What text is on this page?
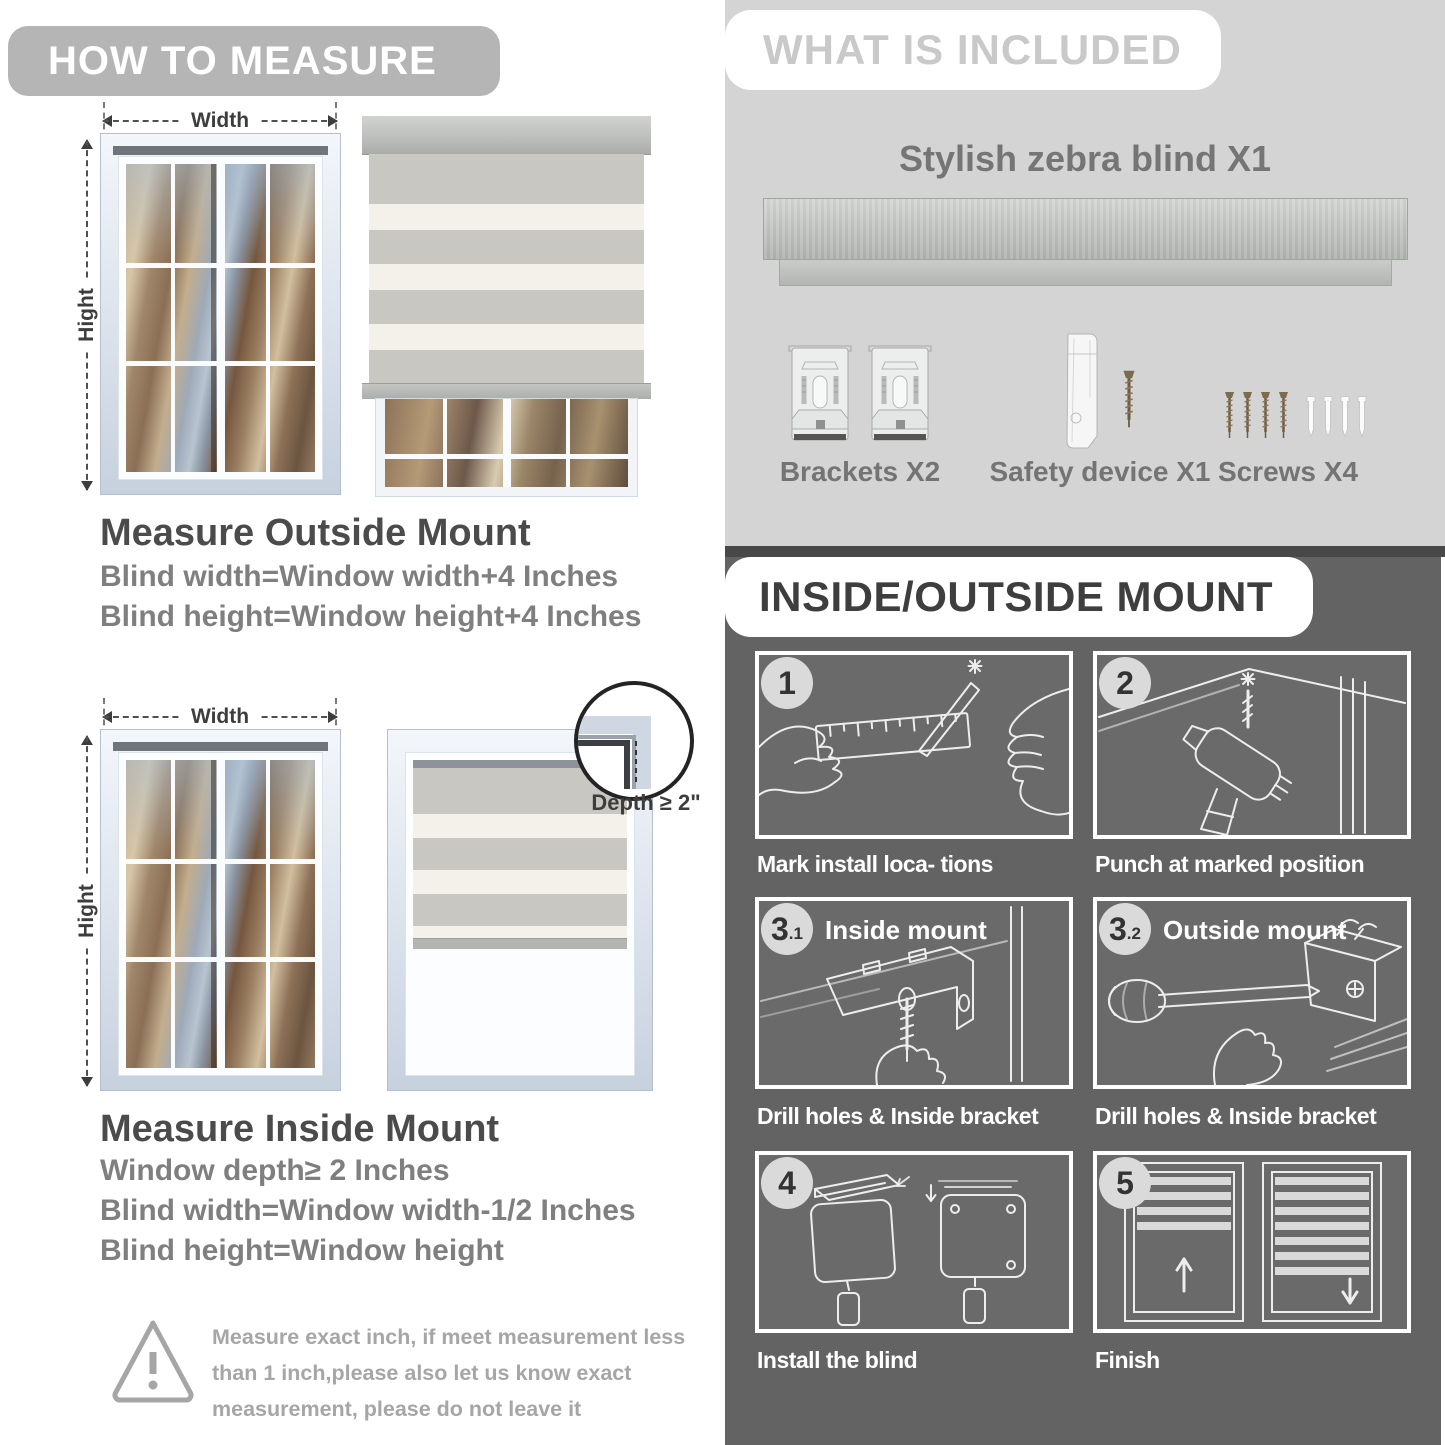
HOW TO MEASURE
Width
Hight
Measure Outside Mount
Blind width=Window width+4 Inches
Blind height=Window height+4 Inches
Width
Hight
Depth ≥ 2"
Measure Inside Mount
Window depth≥ 2 Inches
Blind width=Window width-1/2 Inches
Blind height=Window height
Measure exact inch, if meet measurement less
than 1 inch,please also let us know exact
measurement, please do not leave it
WHAT IS INCLUDED
Stylish zebra blind X1
Brackets X2	Safety device X1 Screws X4
INSIDE/OUTSIDE MOUNT
1
Mark install loca- tions
2
Punch at marked position
3 .1 Inside mount
Drill holes & Inside bracket
3 .2 Outside mount
Drill holes & Inside bracket
4
Install the blind
5
Finish
